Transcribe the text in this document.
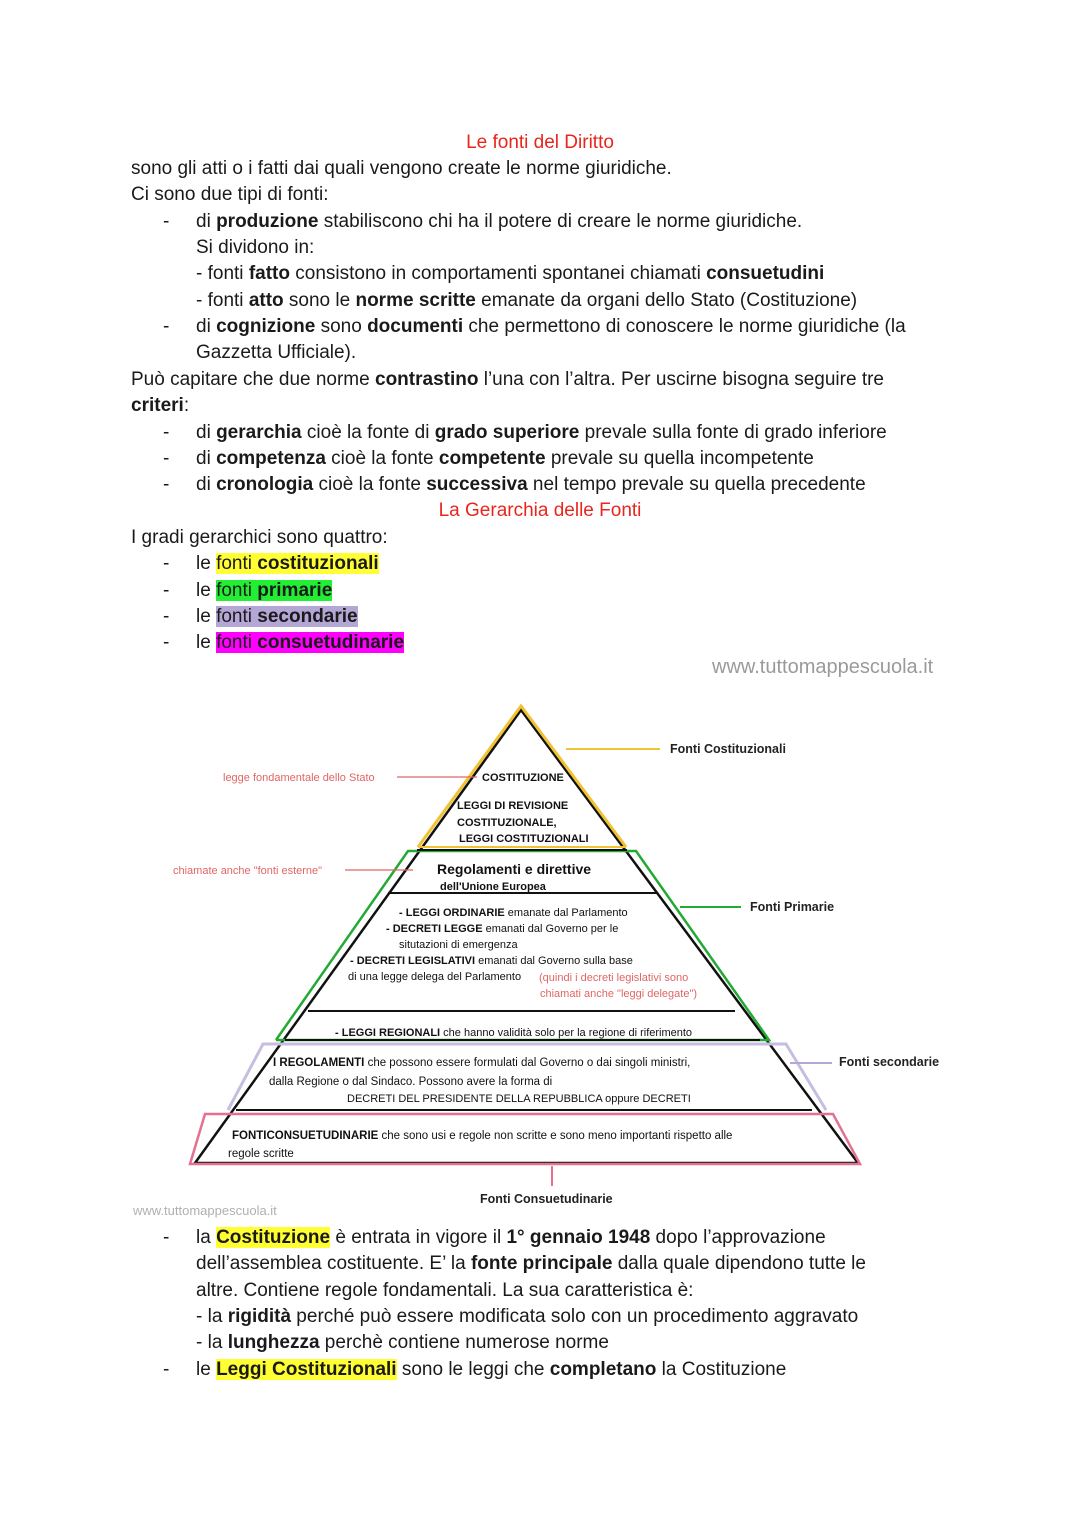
Le fonti del Diritto
sono gli atti o i fatti dai quali vengono create le norme giuridiche.
Ci sono due tipi di fonti:
- di produzione stabiliscono chi ha il potere di creare le norme giuridiche.
Si dividono in:
- fonti fatto consistono in comportamenti spontanei chiamati consuetudini
- fonti atto sono le norme scritte emanate da organi dello Stato (Costituzione)
- di cognizione sono documenti che permettono di conoscere le norme giuridiche (la
Gazzetta Ufficiale).
Può capitare che due norme contrastino l’una con l’altra. Per uscirne bisogna seguire tre
criteri:
- di gerarchia cioè la fonte di grado superiore prevale sulla fonte di grado inferiore
- di competenza cioè la fonte competente prevale su quella incompetente
- di cronologia cioè la fonte successiva nel tempo prevale su quella precedente
La Gerarchia delle Fonti
I gradi gerarchici sono quattro:
- le fonti costituzionali
- le fonti primarie
- le fonti secondarie
- le fonti consuetudinarie
www.tuttomappescuola.it
Fonti Costituzionali
Fonti Primarie
Fonti secondarie
Fonti Consuetudinarie
legge fondamentale dello Stato
chiamate anche "fonti esterne"
COSTITUZIONE
LEGGI DI REVISIONE
COSTITUZIONALE,
LEGGI COSTITUZIONALI
Regolamenti e direttive
dell'Unione Europea
- LEGGI ORDINARIE emanate dal Parlamento
- DECRETI LEGGE emanati dal Governo per le
situtazioni di emergenza
- DECRETI LEGISLATIVI emanati dal Governo sulla base
di una legge delega del Parlamento (quindi i decreti legislativi sono
chiamati anche "leggi delegate")
- LEGGI REGIONALI che hanno validità solo per la regione di riferimento
I REGOLAMENTI che possono essere formulati dal Governo o dai singoli ministri,
dalla Regione o dal Sindaco. Possono avere la forma di
DECRETI DEL PRESIDENTE DELLA REPUBBLICA oppure DECRETI
FONTICONSUETUDINARIE che sono usi e regole non scritte e sono meno importanti rispetto alle
regole scritte
www.tuttomappescuola.it
- la Costituzione è entrata in vigore il 1° gennaio 1948 dopo l’approvazione
dell’assemblea costituente. E’ la fonte principale dalla quale dipendono tutte le
altre. Contiene regole fondamentali. La sua caratteristica è:
- la rigidità perché può essere modificata solo con un procedimento aggravato
- la lunghezza perchè contiene numerose norme
- le Leggi Costituzionali sono le leggi che completano la Costituzione
